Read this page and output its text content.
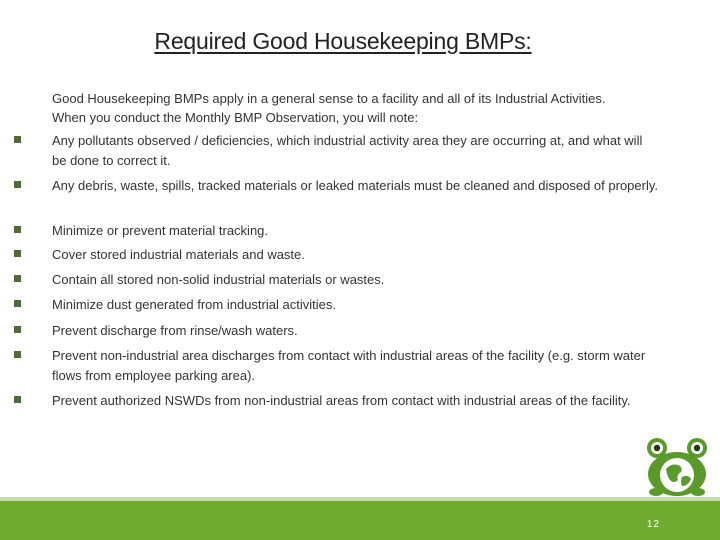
Required Good Housekeeping BMPs:
Good Housekeeping BMPs apply in a general sense to a facility and all of its Industrial Activities. When you conduct the Monthly BMP Observation, you will note:
Any pollutants observed / deficiencies, which industrial activity area they are occurring at, and what will be done to correct it.
Any debris, waste, spills, tracked materials or leaked materials must be cleaned and disposed of properly.
Minimize or prevent material tracking.
Cover stored industrial materials and waste.
Contain all stored non-solid industrial materials or wastes.
Minimize dust generated from industrial activities.
Prevent discharge from rinse/wash waters.
Prevent non-industrial area discharges from contact with industrial areas of the facility (e.g. storm water flows from employee parking area).
Prevent authorized NSWDs from non-industrial areas from contact with industrial areas of the facility.
12
